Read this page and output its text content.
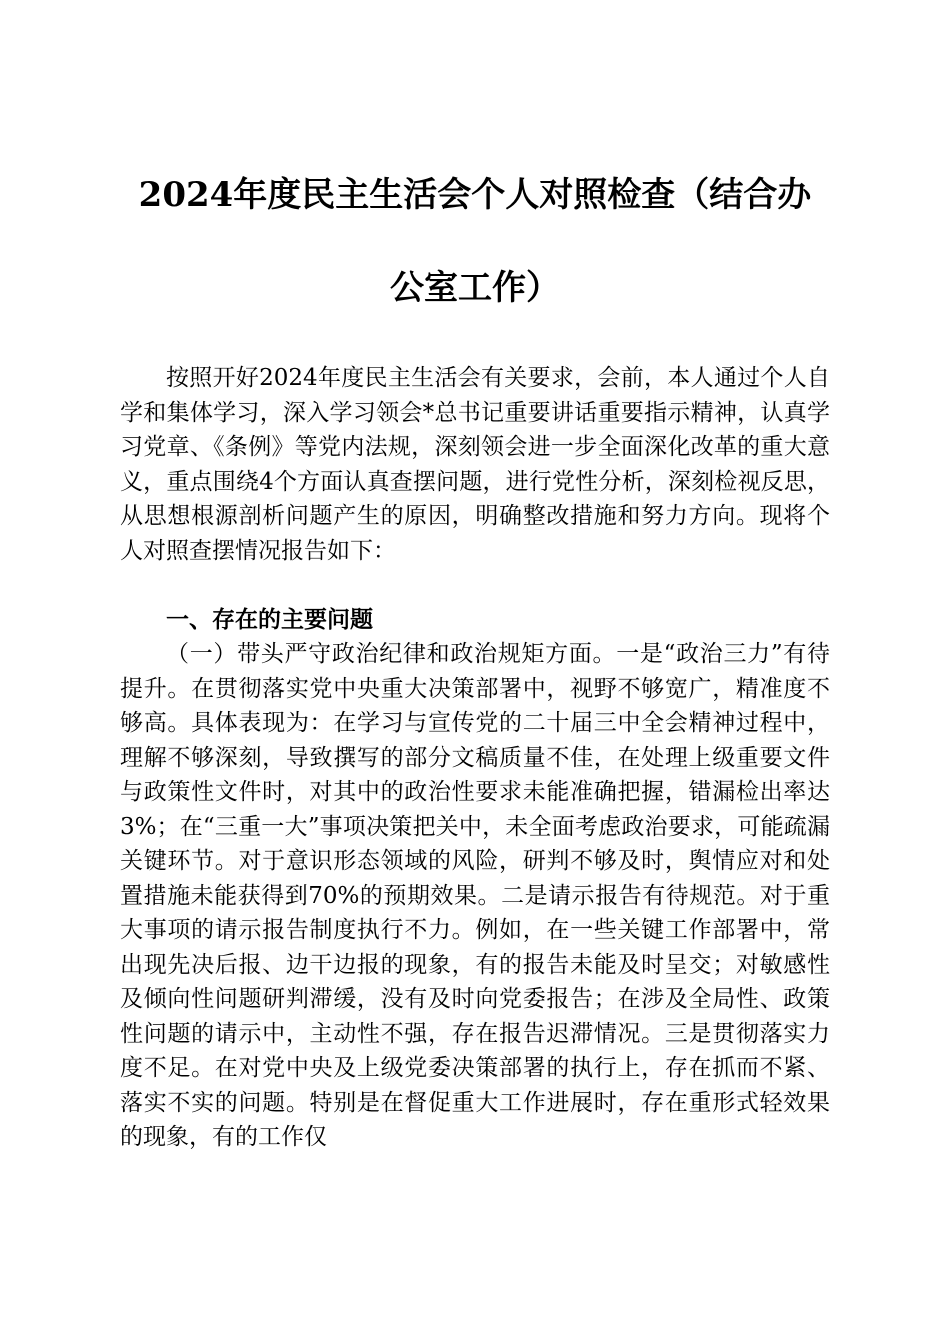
2024年度民主生活会个人对照检查（结合办
公室工作）

按照开好2024年度民主生活会有关要求，会前，本人通过个人自学和集体学习，深入学习领会*总书记重要讲话重要指示精神，认真学习党章、《条例》等党内法规，深刻领会进一步全面深化改革的重大意义，重点围绕4个方面认真查摆问题，进行党性分析，深刻检视反思，从思想根源剖析问题产生的原因，明确整改措施和努力方向。现将个人对照查摆情况报告如下：

一、存在的主要问题

（一）带头严守政治纪律和政治规矩方面。一是“政治三力”有待提升。在贯彻落实党中央重大决策部署中，视野不够宽广，精准度不够高。具体表现为：在学习与宣传党的二十届三中全会精神过程中，理解不够深刻，导致撰写的部分文稿质量不佳，在处理上级重要文件与政策性文件时，对其中的政治性要求未能准确把握，错漏检出率达3%；在“三重一大”事项决策把关中，未全面考虑政治要求，可能疏漏关键环节。对于意识形态领域的风险，研判不够及时，舆情应对和处置措施未能获得到70%的预期效果。二是请示报告有待规范。对于重大事项的请示报告制度执行不力。例如，在一些关键工作部署中，常出现先决后报、边干边报的现象，有的报告未能及时呈交；对敏感性及倾向性问题研判滞缓，没有及时向党委报告；在涉及全局性、政策性问题的请示中，主动性不强，存在报告迟滞情况。三是贯彻落实力度不足。在对党中央及上级党委决策部署的执行上，存在抓而不紧、落实不实的问题。特别是在督促重大工作进展时，存在重形式轻效果的现象，有的工作仅
